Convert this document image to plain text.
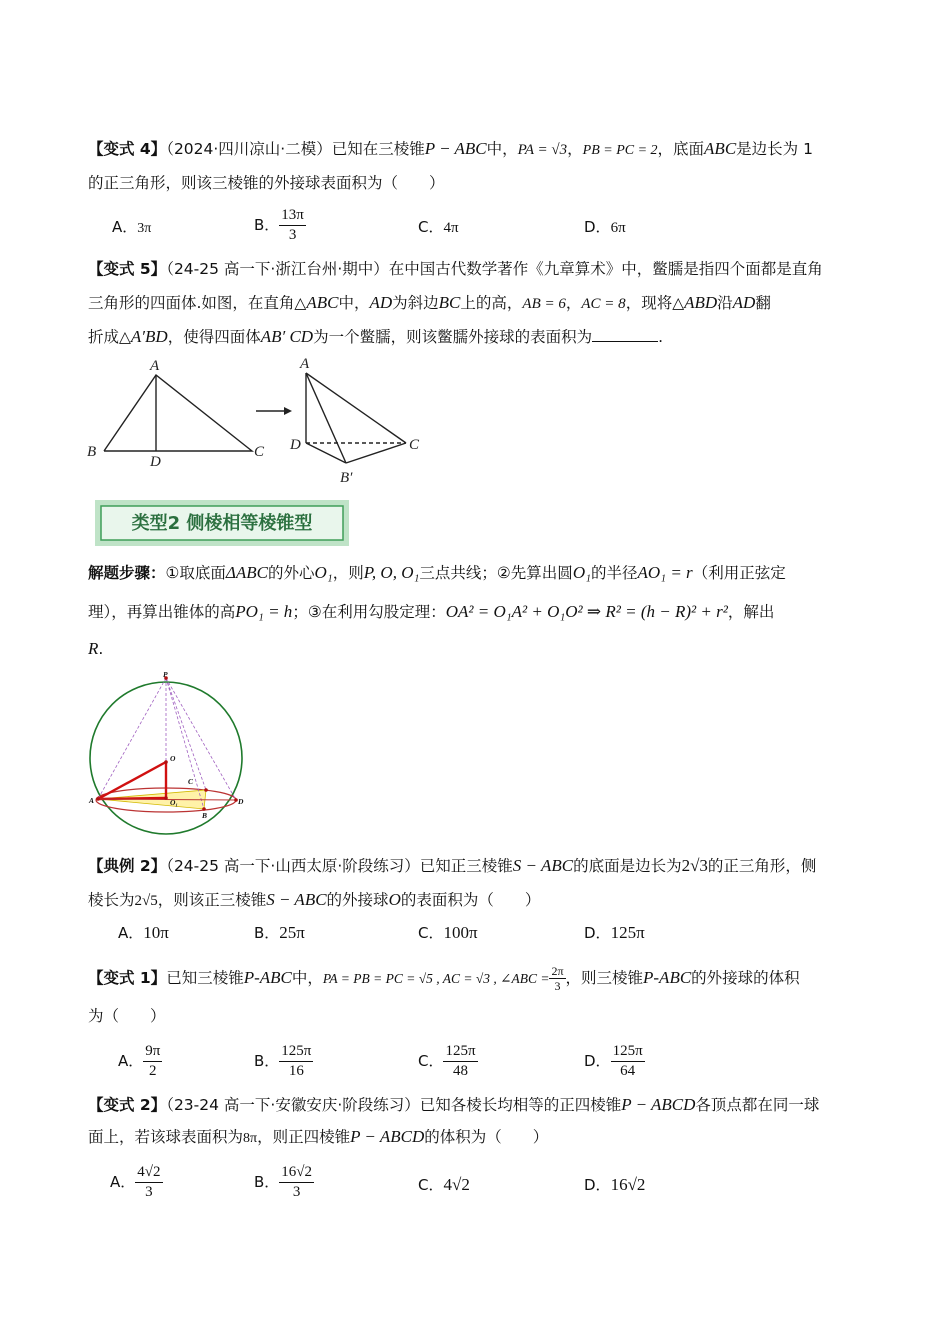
【变式 4】（2024·四川凉山·二模）已知在三棱锥P − ABC中，PA = √3，PB = PC = 2，底面ABC是边长为 1
的正三角形，则该三棱锥的外接球表面积为（　　）
A．3π	B． $\frac{13\pi}{3}$	C．4π	D．6π
【变式 5】（24-25 高一下·浙江台州·期中）在中国古代数学著作《九章算术》中，鳖臑是指四个面都是直角
三角形的四面体.如图，在直角△ABC中，AD为斜边BC上的高，AB = 6，AC = 8，现将△ABD沿AD翻
折成△A′BD，使得四面体AB′ CD为一个鳖臑，则该鳖臑外接球的表面积为	.
A
B	C
D
A
D	C
B′
类型2 侧棱相等棱锥型
解题步骤：①取底面ΔABC的外心O₁，则P, O, O₁三点共线；②先算出圆O₁的半径AO₁ = r（利用正弦定
理），再算出锥体的高PO₁ = h；③在利用勾股定理：OA² = O₁A² + O₁O² ⇒ R² = (h − R)² + r²，解出
R.
P
O
C
A	O₁
B
D
【典例 2】（24-25 高一下·山西太原·阶段练习）已知正三棱锥S − ABC的底面是边长为2√3的正三角形，侧
棱长为2√5，则该正三棱锥S − ABC的外接球O的表面积为（　　）
A．10π	B．25π	C．100π	D．125π
【变式 1】已知三棱锥P-ABC中，PA = PB = PC = √5 , AC = √3 , ∠ABC = $\frac{2\pi}{3}$ ，则三棱锥P-ABC的外接球的体积
为（　　）
A． $\frac{9\pi}{2}$	B． $\frac{125\pi}{16}$	C． $\frac{125\pi}{48}$	D． $\frac{125\pi}{64}$
【变式 2】（23-24 高一下·安徽安庆·阶段练习）已知各棱长均相等的正四棱锥P − ABCD各顶点都在同一球
面上，若该球表面积为8π，则正四棱锥P − ABCD的体积为（　　）
A． $\frac{4√2}{3}$	B． $\frac{16√2}{3}$	C．4√2	D．16√2
